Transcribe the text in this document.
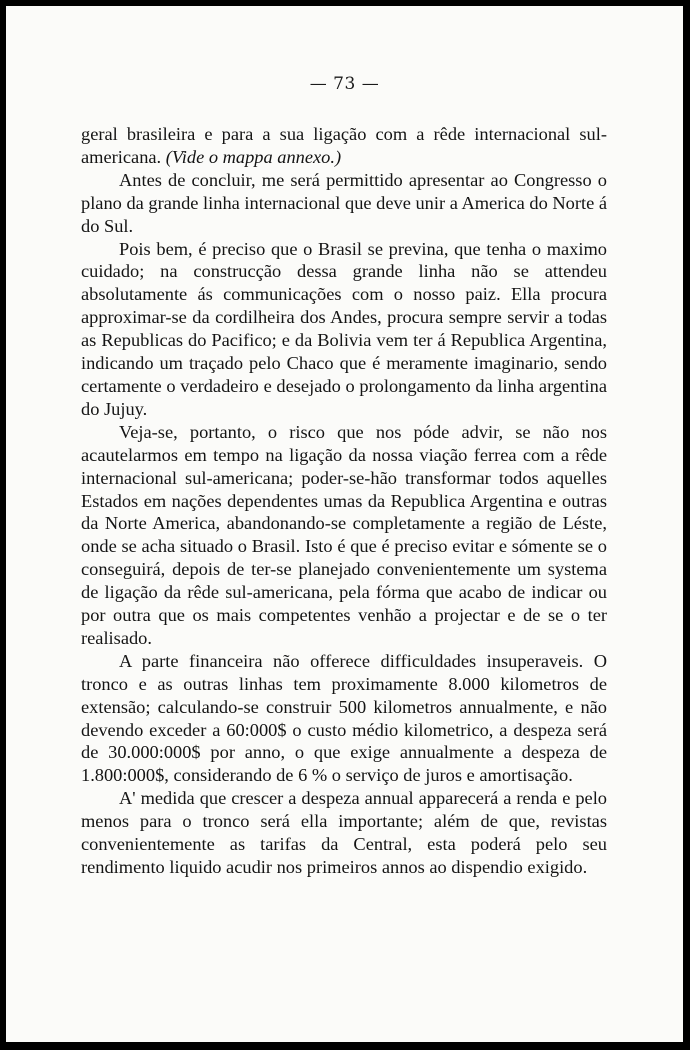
— 73 —

geral brasileira e para a sua ligação com a rêde internacional sul-americana. (Vide o mappa annexo.)

Antes de concluir, me será permittido apresentar ao Congresso o plano da grande linha internacional que deve unir a America do Norte á do Sul.

Pois bem, é preciso que o Brasil se previna, que tenha o maximo cuidado; na construcção dessa grande linha não se attendeu absolutamente ás communicações com o nosso paiz. Ella procura approximar-se da cordilheira dos Andes, procura sempre servir a todas as Republicas do Pacifico; e da Bolivia vem ter á Republica Argentina, indicando um traçado pelo Chaco que é meramente imaginario, sendo certamente o verdadeiro e desejado o prolongamento da linha argentina do Jujuy.

Veja-se, portanto, o risco que nos póde advir, se não nos acautelarmos em tempo na ligação da nossa viação ferrea com a rêde internacional sul-americana; poder-se-hão transformar todos aquelles Estados em nações dependentes umas da Republica Argentina e outras da Norte America, abandonando-se completamente a região de Léste, onde se acha situado o Brasil. Isto é que é preciso evitar e sómente se o conseguirá, depois de ter-se planejado convenientemente um systema de ligação da rêde sul-americana, pela fórma que acabo de indicar ou por outra que os mais competentes venhão a projectar e de se o ter realisado.

A parte financeira não offerece difficuldades insuperaveis. O tronco e as outras linhas tem proximamente 8.000 kilometros de extensão; calculando-se construir 500 kilometros annualmente, e não devendo exceder a 60:000$ o custo médio kilometrico, a despeza será de 30.000:000$ por anno, o que exige annualmente a despeza de 1.800:000$, considerando de 6 % o serviço de juros e amortisação.

A' medida que crescer a despeza annual apparecerá a renda e pelo menos para o tronco será ella importante; além de que, revistas convenientemente as tarifas da Central, esta poderá pelo seu rendimento liquido acudir nos primeiros annos ao dispendio exigido.
